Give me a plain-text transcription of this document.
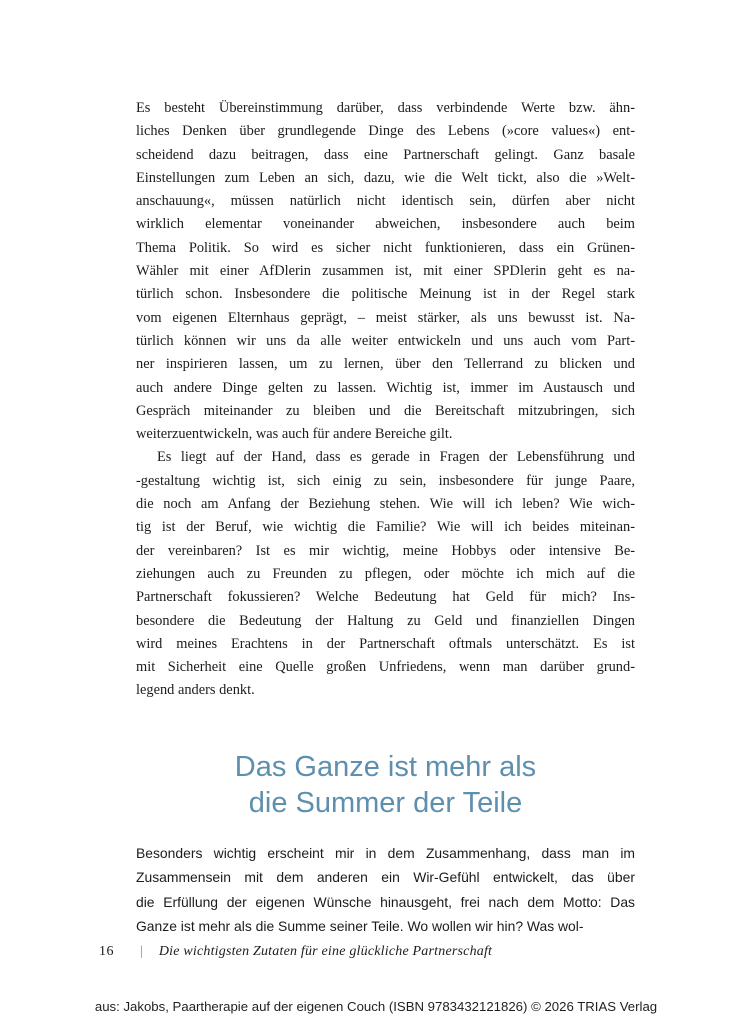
Es besteht Übereinstimmung darüber, dass verbindende Werte bzw. ähn-
liches Denken über grundlegende Dinge des Lebens (»core values«) ent-
scheidend dazu beitragen, dass eine Partnerschaft gelingt. Ganz basale
Einstellungen zum Leben an sich, dazu, wie die Welt tickt, also die »Welt-
anschauung«, müssen natürlich nicht identisch sein, dürfen aber nicht
wirklich elementar voneinander abweichen, insbesondere auch beim
Thema Politik. So wird es sicher nicht funktionieren, dass ein Grünen-
Wähler mit einer AfDlerin zusammen ist, mit einer SPDlerin geht es na-
türlich schon. Insbesondere die politische Meinung ist in der Regel stark
vom eigenen Elternhaus geprägt, – meist stärker, als uns bewusst ist. Na-
türlich können wir uns da alle weiter entwickeln und uns auch vom Part-
ner inspirieren lassen, um zu lernen, über den Tellerrand zu blicken und
auch andere Dinge gelten zu lassen. Wichtig ist, immer im Austausch und
Gespräch miteinander zu bleiben und die Bereitschaft mitzubringen, sich
weiterzuentwickeln, was auch für andere Bereiche gilt.
Es liegt auf der Hand, dass es gerade in Fragen der Lebensführung und
-gestaltung wichtig ist, sich einig zu sein, insbesondere für junge Paare,
die noch am Anfang der Beziehung stehen. Wie will ich leben? Wie wich-
tig ist der Beruf, wie wichtig die Familie? Wie will ich beides miteinan-
der vereinbaren? Ist es mir wichtig, meine Hobbys oder intensive Be-
ziehungen auch zu Freunden zu pflegen, oder möchte ich mich auf die
Partnerschaft fokussieren? Welche Bedeutung hat Geld für mich? Ins-
besondere die Bedeutung der Haltung zu Geld und finanziellen Dingen
wird meines Erachtens in der Partnerschaft oftmals unterschätzt. Es ist
mit Sicherheit eine Quelle großen Unfriedens, wenn man darüber grund-
legend anders denkt.
Das Ganze ist mehr als
die Summer der Teile
Besonders wichtig erscheint mir in dem Zusammenhang, dass man im
Zusammensein mit dem anderen ein Wir-Gefühl entwickelt, das über
die Erfüllung der eigenen Wünsche hinausgeht, frei nach dem Motto: Das
Ganze ist mehr als die Summe seiner Teile. Wo wollen wir hin? Was wol-
16 | Die wichtigsten Zutaten für eine glückliche Partnerschaft
aus: Jakobs, Paartherapie auf der eigenen Couch (ISBN 9783432121826) © 2026 TRIAS Verlag
